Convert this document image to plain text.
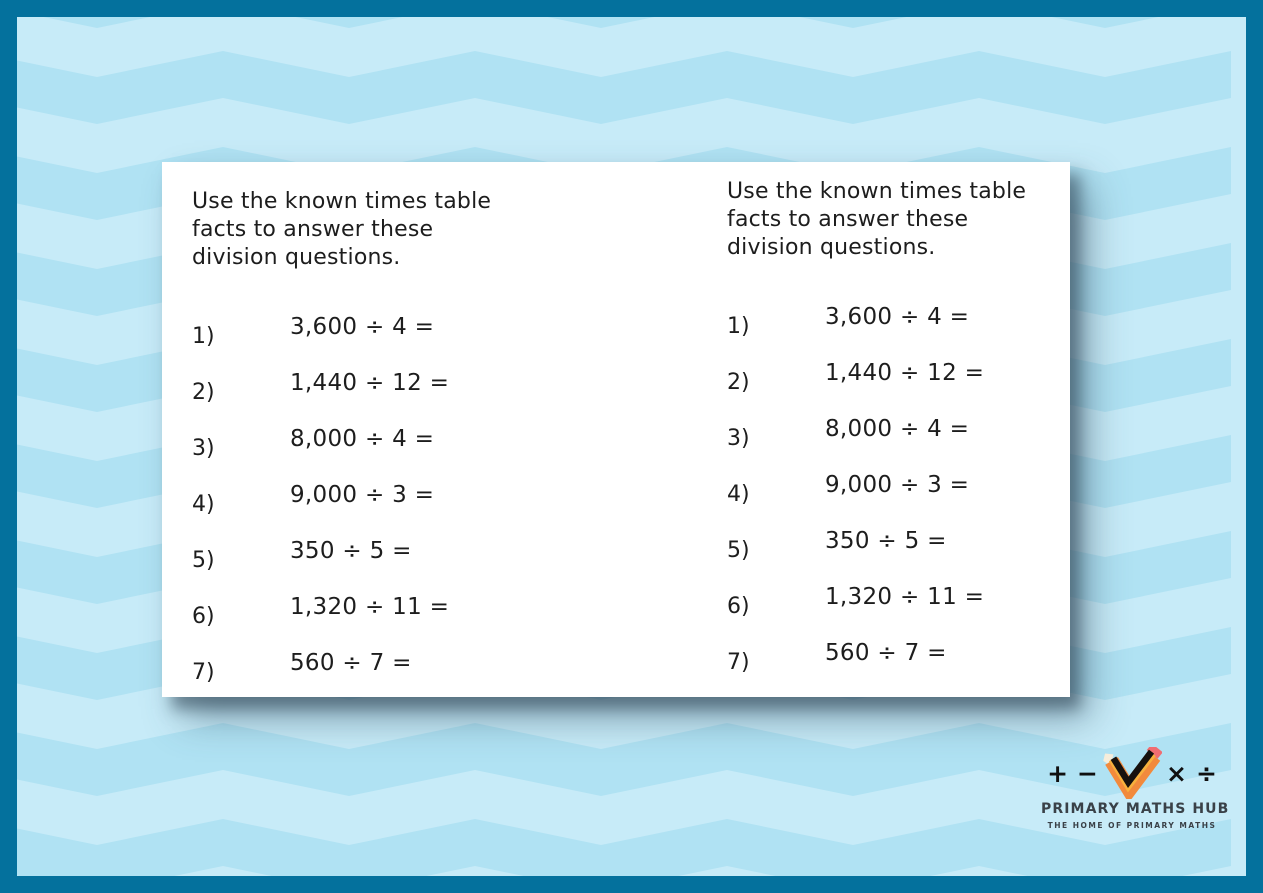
Use the known times table
facts to answer these
division questions.
1)	3,600 ÷ 4 =
2)	1,440 ÷ 12 =
3)	8,000 ÷ 4 =
4)	9,000 ÷ 3 =
5)	350 ÷ 5 =
6)	1,320 ÷ 11 =
7)	560 ÷ 7 =
Use the known times table
facts to answer these
division questions.
1)	3,600 ÷ 4 =
2)	1,440 ÷ 12 =
3)	8,000 ÷ 4 =
4)	9,000 ÷ 3 =
5)	350 ÷ 5 =
6)	1,320 ÷ 11 =
7)	560 ÷ 7 =
+ −	× ÷
PRIMARY MATHS HUB
THE HOME OF PRIMARY MATHS
